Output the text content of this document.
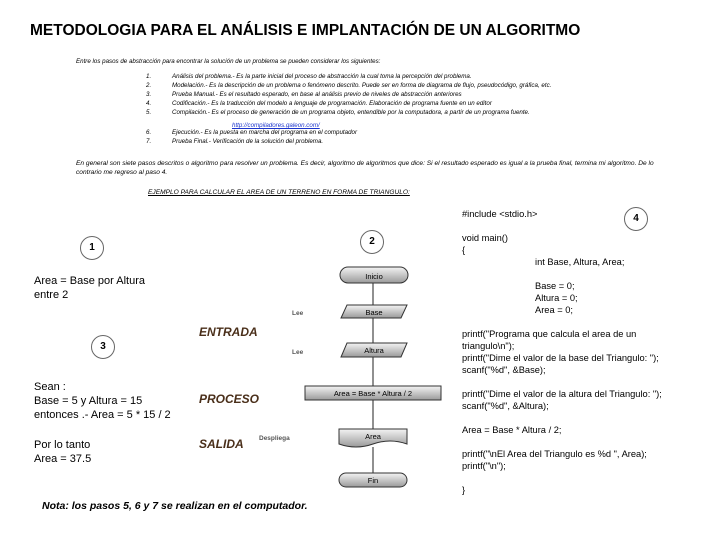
METODOLOGIA PARA EL ANÁLISIS E IMPLANTACIÓN DE UN ALGORITMO
Entre los pasos de abstracción para encontrar la solución de un problema se pueden considerar los siguientes:
1.	Análisis del problema.- Es la parte inicial del proceso de abstracción la cual toma la percepción del problema.
2.	Modelación.- Es la descripción de un problema o fenómeno descrito. Puede ser en forma de diagrama de flujo, pseudocódigo, gráfica, etc.
3.	Prueba Manual.- Es el resultado esperado, en base al análisis previo de niveles de abstracción anteriores
4.	Codificación.- Es la traducción del modelo a lenguaje de programación. Elaboración de programa fuente en un editor
5.	Compilación.- Es el proceso de generación de un programa objeto, entendible por la computadora, a partir de un programa fuente.
6.	Ejecución.- Es la puesta en marcha del programa en el computador
7.	Prueba Final.- Verificación de la solución del problema.
http://compiladores.galeon.com/
En general son siete pasos descritos o algoritmo para resolver un problema. Es decir, algoritmo de algoritmos que dice: Si el resultado esperado es igual a la prueba final, termina mi algoritmo. De lo contrario me regreso al paso 4.
EJEMPLO PARA CALCULAR EL AREA DE UN TERRENO EN FORMA DE TRIANGULO:
1
2
3
4
Area = Base por Altura
entre 2
Sean :
Base = 5 y Altura = 15
entonces .- Area = 5 * 15 / 2
Por lo tanto
Area = 37.5
ENTRADA
PROCESO
SALIDA
Inicio
Base
Altura
Area = Base * Altura / 2
Area
Fin
Lee
Lee
Despliega
#include <stdio.h>
void main()
{
int Base, Altura, Area;
Base = 0;
Altura = 0;
Area = 0;
printf("Programa que calcula el area de un
triangulo\n");
printf("Dime el valor de la base del Triangulo: ");
scanf("%d", &Base);
printf("Dime el valor de la altura del Triangulo: ");
scanf("%d", &Altura);
Area = Base * Altura / 2;
printf("\nEl Area del Triangulo es %d ", Area);
printf("\n");
}
Nota: los pasos 5, 6 y 7 se realizan en el computador.
